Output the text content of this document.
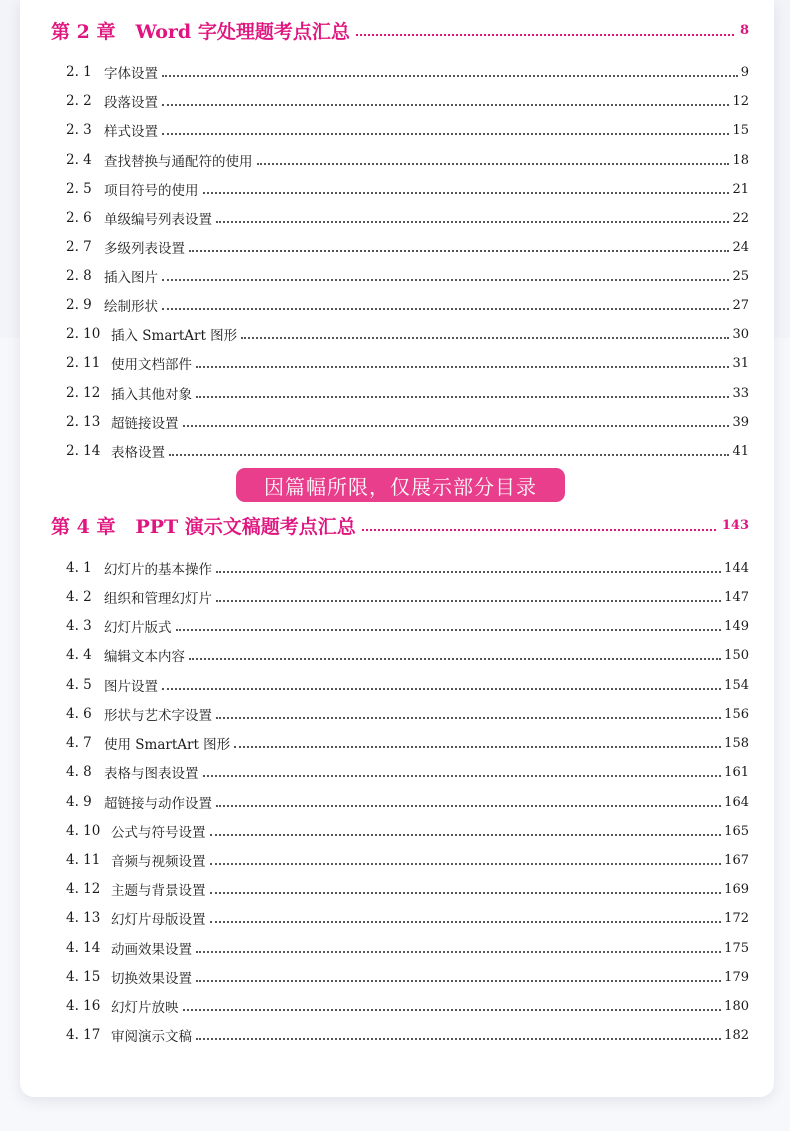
第 2 章 Word 字处理题考点汇总	8
2. 1 字体设置	9
2. 2 段落设置	12
2. 3 样式设置	15
2. 4 查找替换与通配符的使用	18
2. 5 项目符号的使用	21
2. 6 单级编号列表设置	22
2. 7 多级列表设置	24
2. 8 插入图片	25
2. 9 绘制形状	27
2. 10 插入 SmartArt 图形	30
2. 11 使用文档部件	31
2. 12 插入其他对象	33
2. 13 超链接设置	39
2. 14 表格设置	41
第 4 章 PPT 演示文稿题考点汇总	143
4. 1 幻灯片的基本操作	144
4. 2 组织和管理幻灯片	147
4. 3 幻灯片版式	149
4. 4 编辑文本内容	150
4. 5 图片设置	154
4. 6 形状与艺术字设置	156
4. 7 使用 SmartArt 图形	158
4. 8 表格与图表设置	161
4. 9 超链接与动作设置	164
4. 10 公式与符号设置	165
4. 11 音频与视频设置	167
4. 12 主题与背景设置	169
4. 13 幻灯片母版设置	172
4. 14 动画效果设置	175
4. 15 切换效果设置	179
4. 16 幻灯片放映	180
4. 17 审阅演示文稿	182
因篇幅所限，仅展示部分目录
